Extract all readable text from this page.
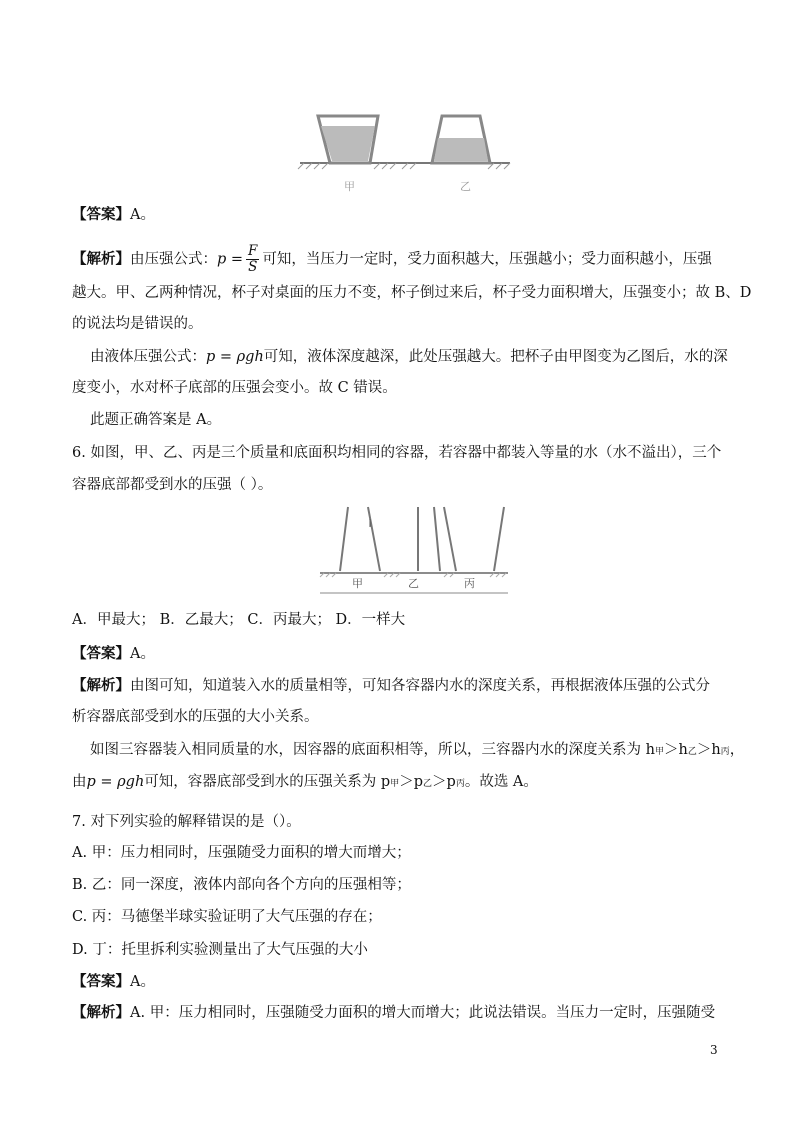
甲	乙
【答案】A。
【解析】由压强公式：$p = \frac{F}{S}$ 可知，当压力一定时，受力面积越大，压强越小；受力面积越小，压强
越大。甲、乙两种情况，杯子对桌面的压力不变，杯子倒过来后，杯子受力面积增大，压强变小；故 B、D
的说法均是错误的。
由液体压强公式：p = ρgh可知，液体深度越深，此处压强越大。把杯子由甲图变为乙图后，水的深
度变小，水对杯子底部的压强会变小。故 C 错误。
此题正确答案是 A。
6. 如图，甲、乙、丙是三个质量和底面积均相同的容器，若容器中都装入等量的水（水不溢出），三个
容器底部都受到水的压强（ ）。
甲	乙	丙
A．甲最大； B．乙最大； C．丙最大； D．一样大
【答案】A。
【解析】由图可知，知道装入水的质量相等，可知各容器内水的深度关系，再根据液体压强的公式分
析容器底部受到水的压强的大小关系。
如图三容器装入相同质量的水，因容器的底面积相等，所以，三容器内水的深度关系为 h甲＞h乙＞h丙，
由p = ρgh可知，容器底部受到水的压强关系为 p甲＞p乙＞p丙。故选 A。
7. 对下列实验的解释错误的是（）。
A. 甲：压力相同时，压强随受力面积的增大而增大；
B. 乙：同一深度，液体内部向各个方向的压强相等；
C. 丙：马德堡半球实验证明了大气压强的存在；
D. 丁：托里拆利实验测量出了大气压强的大小
【答案】A。
【解析】A. 甲：压力相同时，压强随受力面积的增大而增大；此说法错误。当压力一定时，压强随受
3
